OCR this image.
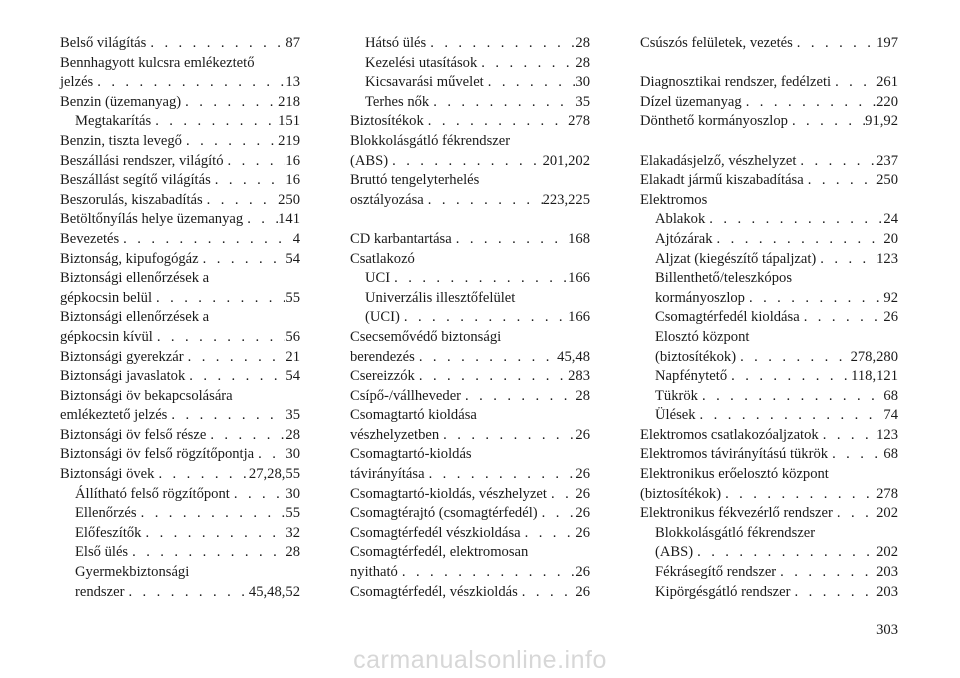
Belső világítás . . .	87
Bennhagyott kulcsra emlékeztető
jelzés . . .	13
Benzin (üzemanyag) . . .	218
Megtakarítás . . .	151
Benzin, tiszta levegő . . .	219
Beszállási rendszer, világító . . .	16
Beszállást segítő világítás . . .	16
Beszorulás, kiszabadítás . . .	250
Betöltőnyílás helye üzemanyag . . . 141
Bevezetés . . .	4
Biztonság, kipufogógáz . . .	54
Biztonsági ellenőrzések a
gépkocsin belül . . .	55
Biztonsági ellenőrzések a
gépkocsin kívül . . .	56
Biztonsági gyerekzár . . .	21
Biztonsági javaslatok . . .	54
Biztonsági öv bekapcsolására
emlékeztető jelzés . . .	35
Biztonsági öv felső része . . .	28
Biztonsági öv felső rögzítőpontja . . . 30
Biztonsági övek . . .	27,28,55
Állítható felső rögzítőpont . . .	30
Ellenőrzés . . .	55
Előfeszítők . . .	32
Első ülés . . .	28
Gyermekbiztonsági
rendszer . . .	45,48,52
Hátsó ülés . . .	28
Kezelési utasítások . . .	28
Kicsavarási művelet . . .	30
Terhes nők . . .	35
Biztosítékok . . .	278
Blokkolásgátló fékrendszer
(ABS) . . .	201,202
Bruttó tengelyterhelés
osztályozása . . .	223,225
CD karbantartása . . .	168
Csatlakozó
UCI . . .	166
Univerzális illesztőfelület
(UCI) . . .	166
Csecsemővédő biztonsági
berendezés . . .	45,48
Csereizzók . . .	283
Csípő-/vállheveder . . .	28
Csomagtartó kioldása
vészhelyzetben . . .	26
Csomagtartó-kioldás
távirányítása . . .	26
Csomagtartó-kioldás, vészhelyzet . . . 26
Csomagtérajtó (csomagtérfedél) . . .	26
Csomagtérfedél vészkioldása . . .	26
Csomagtérfedél, elektromosan
nyitható . . .	26
Csomagtérfedél, vészkioldás . . .	26
Csúszós felületek, vezetés . . .	197
Diagnosztikai rendszer, fedélzeti . . .	261
Dízel üzemanyag . . .	220
Dönthető kormányoszlop . . .	91,92
Elakadásjelző, vészhelyzet . . .	237
Elakadt jármű kiszabadítása . . .	250
Elektromos
Ablakok . . .	24
Ajtózárak . . .	20
Aljzat (kiegészítő tápaljzat) . . .	123
Billenthető/teleszkópos
kormányoszlop . . .	92
Csomagtérfedél kioldása . . .	26
Elosztó központ
(biztosítékok) . . .	278,280
Napfénytető . . .	118,121
Tükrök . . .	68
Ülések . . .	74
Elektromos csatlakozóaljzatok . . .	123
Elektromos távirányítású tükrök . . .	68
Elektronikus erőelosztó központ
(biztosítékok) . . .	278
Elektronikus fékvezérlő rendszer . . .	202
Blokkolásgátló fékrendszer
(ABS) . . .	202
Fékrásegítő rendszer . . .	203
Kipörgésgátló rendszer . . .	203
303
carmanualsonline.info
